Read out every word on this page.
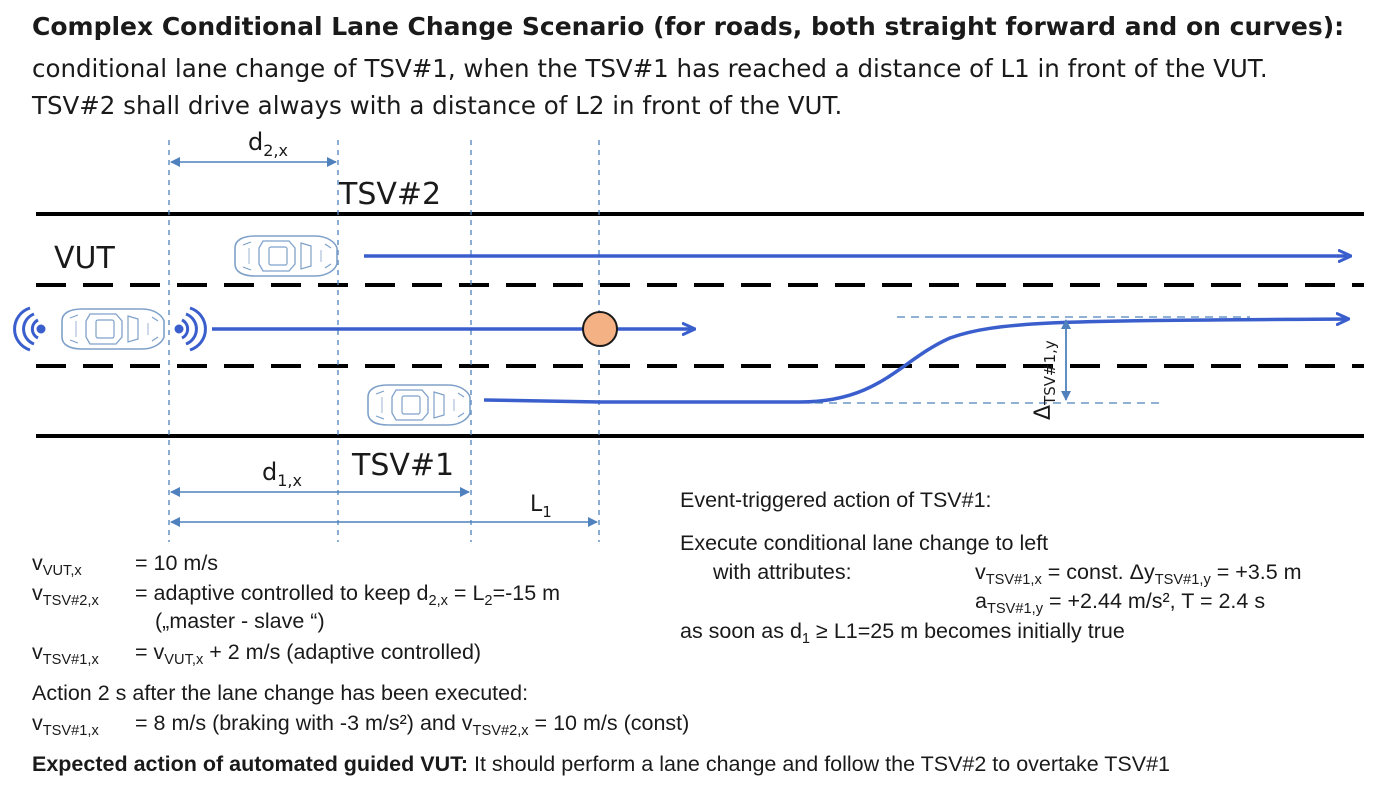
Complex Conditional Lane Change Scenario (for roads, both straight forward and on curves):
conditional lane change of TSV#1, when the TSV#1 has reached a distance of L1 in front of the VUT.
TSV#2 shall drive always with a distance of L2 in front of the VUT.
$d_{2,x}$
$d_{1,x}$
$L_1$
TSV#2
VUT
TSV#1
$\Delta_{TSV\#1,y}$
$v_{VUT,x} = 10$ m/s
$v_{TSV\#2,x}$ = adaptive controlled to keep $d_{2,x} = L_2=-15$ m
(„master - slave “)
$v_{TSV\#1,x} = v_{VUT,x} + 2$ m/s (adaptive controlled)
Action 2 s after the lane change has been executed:
$v_{TSV\#1,x} = 8$ m/s (braking with -3 m/s²) and $v_{TSV\#2,x} = 10$ m/s (const)
Event-triggered action of TSV#1:
Execute conditional lane change to left
with attributes:	$v_{TSV\#1,x}$ = const. $\Delta y_{TSV\#1,y} = +3.5$ m
$a_{TSV\#1,y} = +2.44$ m/s², T = 2.4 s
as soon as $d_1 \ge L1=25$ m becomes initially true
Expected action of automated guided VUT: It should perform a lane change and follow the TSV#2 to overtake TSV#1
